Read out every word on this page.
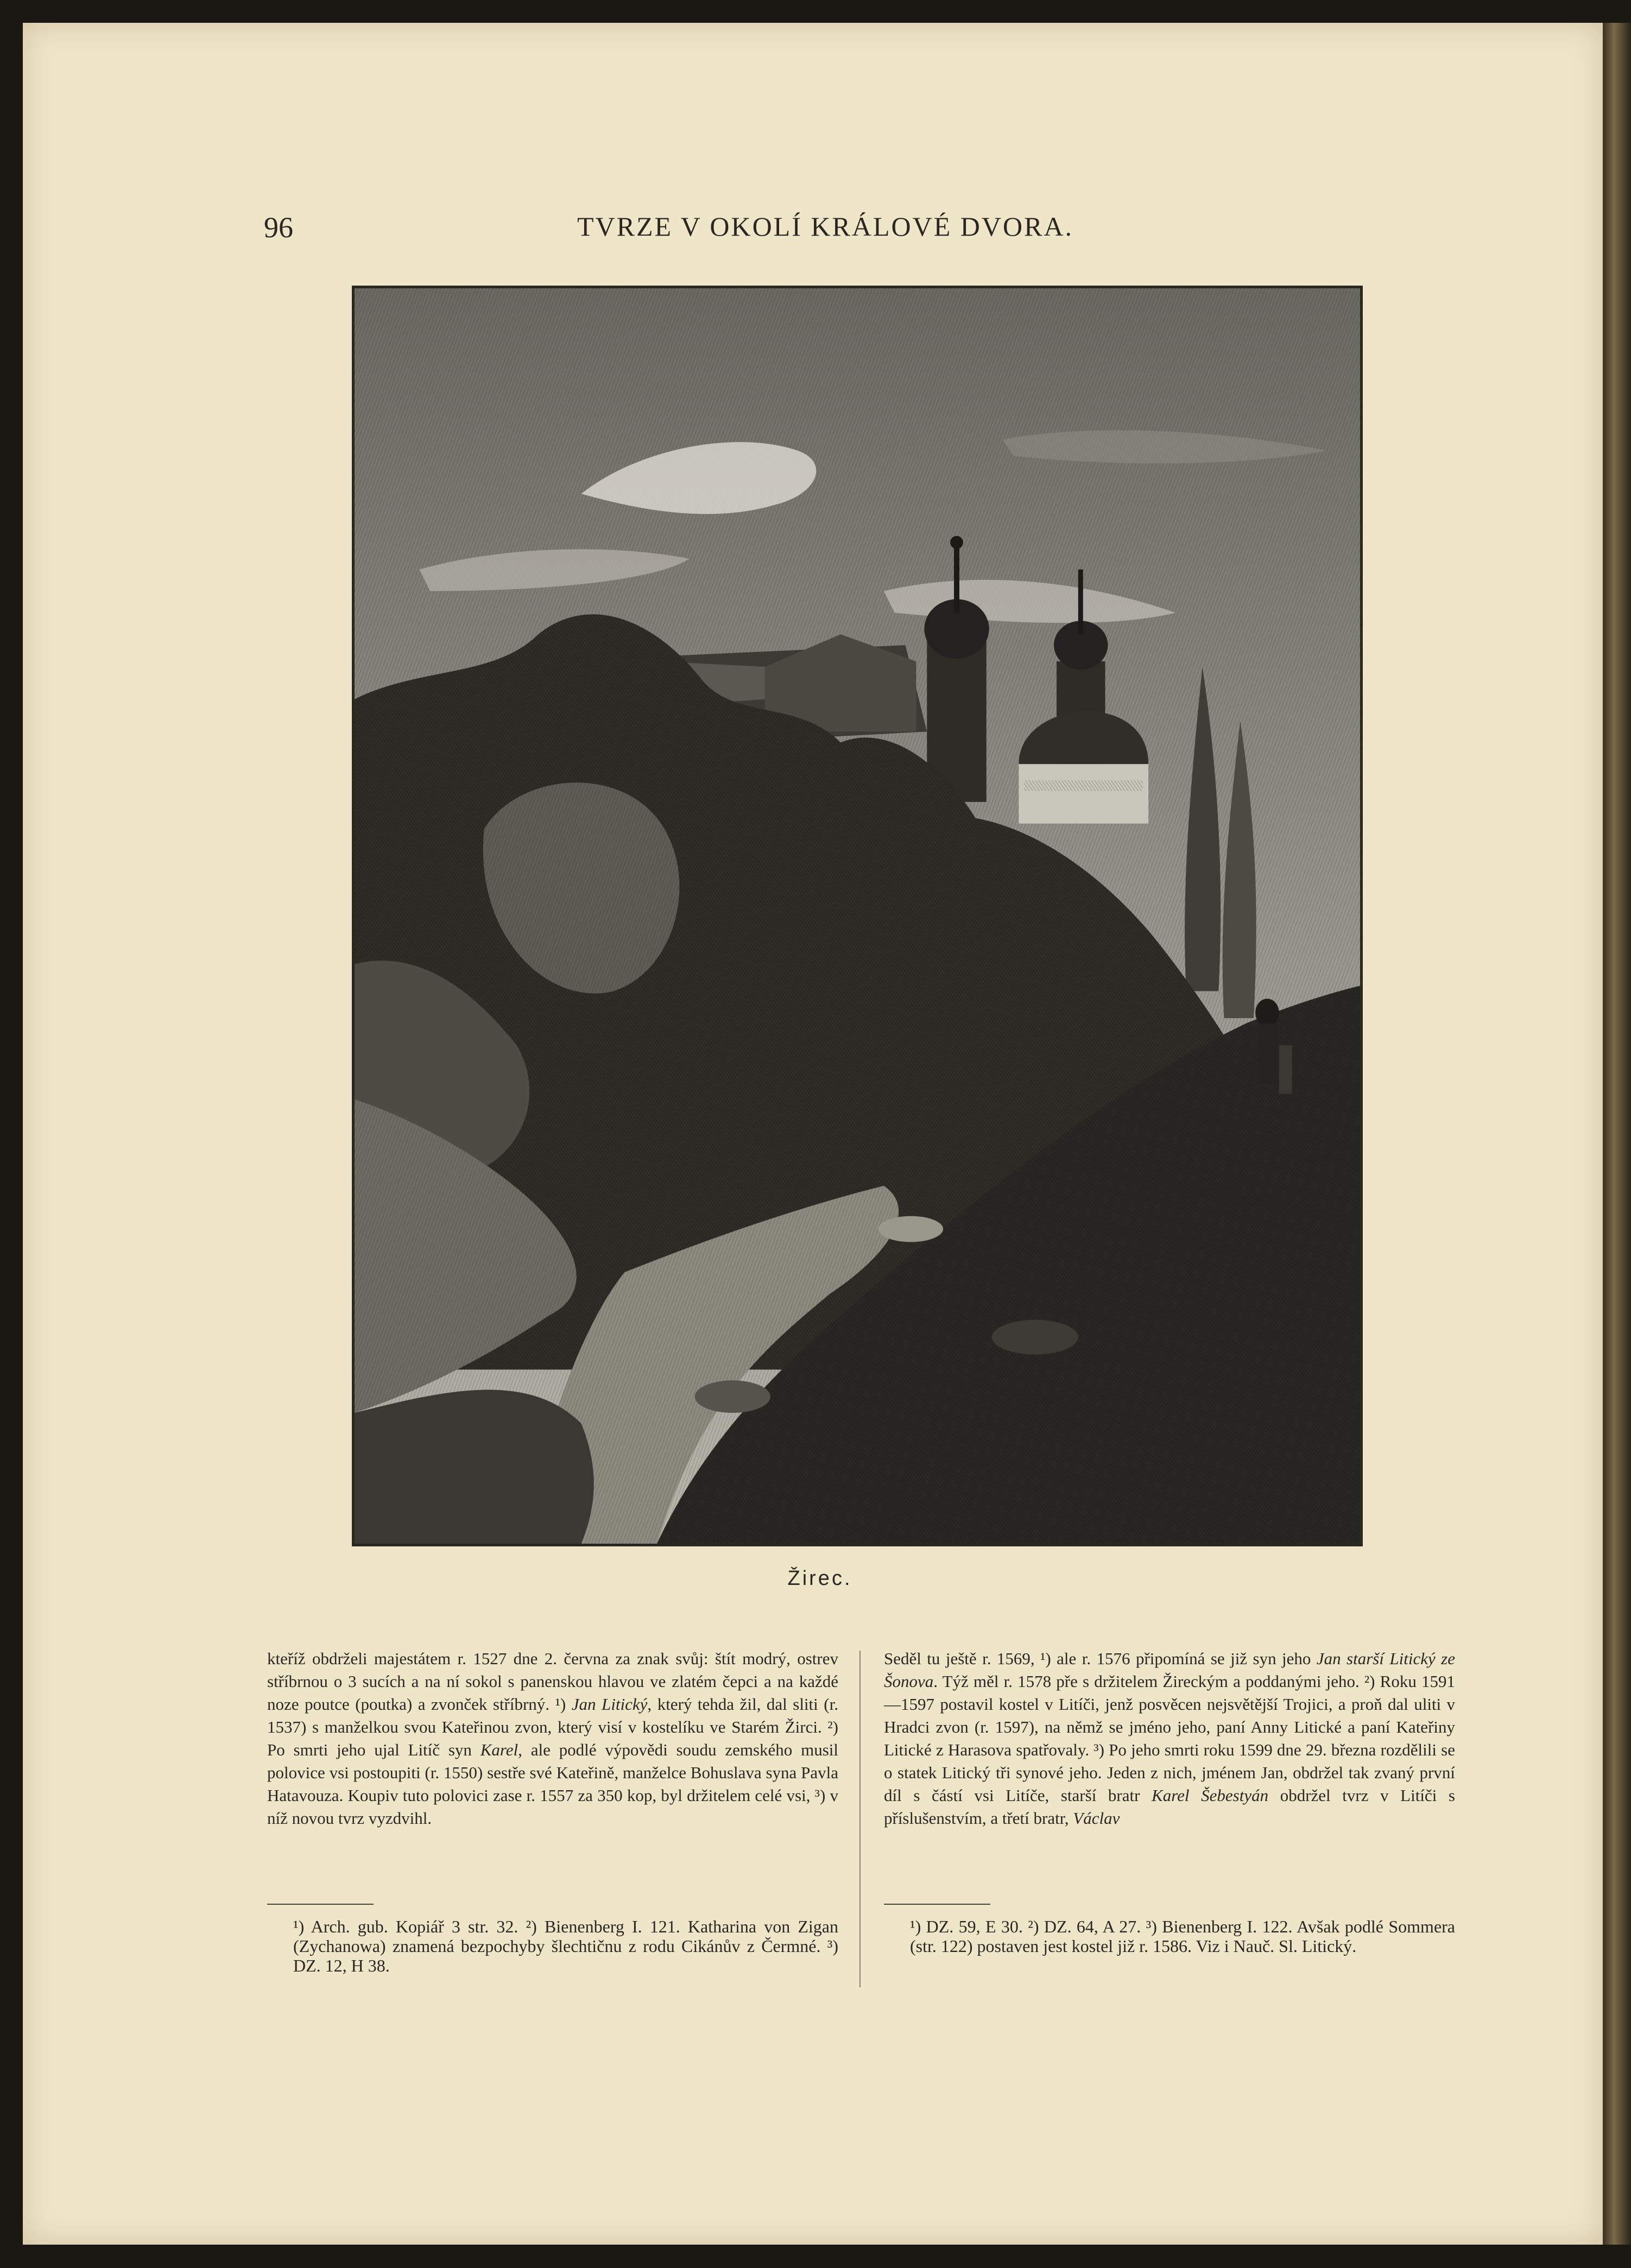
96	TVRZE V OKOLÍ KRÁLOVÉ DVORA.
Žirec.

kteříž obdrželi majestátem r. 1527 dne 2. června za znak svůj: štít modrý, ostrev stříbrnou o 3 sucích a na ní sokol s panenskou hlavou ve zlatém čepci a na každé noze poutce (poutka) a zvonček stříbrný. ¹) Jan Litický, který tehda žil, dal sliti (r. 1537) s manželkou svou Kateřinou zvon, který visí v kostelíku ve Starém Žirci. ²) Po smrti jeho ujal Litíč syn Karel, ale podlé výpovědi soudu zemského musil polovice vsi postoupiti (r. 1550) sestře své Kateřině, manželce Bohuslava syna Pavla Hatavouza. Koupiv tuto polovici zase r. 1557 za 350 kop, byl držitelem celé vsi, ³) v níž novou tvrz vyzdvihl.

Seděl tu ještě r. 1569, ¹) ale r. 1576 připomíná se již syn jeho Jan starší Litický ze Šonova. Týž měl r. 1578 pře s držitelem Žireckým a poddanými jeho. ²) Roku 1591—1597 postavil kostel v Litíči, jenž posvěcen nejsvětější Trojici, a proň dal uliti v Hradci zvon (r. 1597), na němž se jméno jeho, paní Anny Litické a paní Kateřiny Litické z Harasova spatřovaly. ³) Po jeho smrti roku 1599 dne 29. března rozdělili se o statek Litický tři synové jeho. Jeden z nich, jménem Jan, obdržel tak zvaný první díl s částí vsi Litíče, starší bratr Karel Šebestyán obdržel tvrz v Litíči s příslušenstvím, a třetí bratr, Václav

¹) Arch. gub. Kopiář 3 str. 32. ²) Bienenberg I. 121. Katharina von Zigan (Zychanowa) znamená bezpochyby šlechtičnu z rodu Cikánův z Čermné. ³) DZ. 12, H 38.
¹) DZ. 59, E 30. ²) DZ. 64, A 27. ³) Bienenberg I. 122. Avšak podlé Sommera (str. 122) postaven jest kostel již r. 1586. Viz i Nauč. Sl. Litický.
